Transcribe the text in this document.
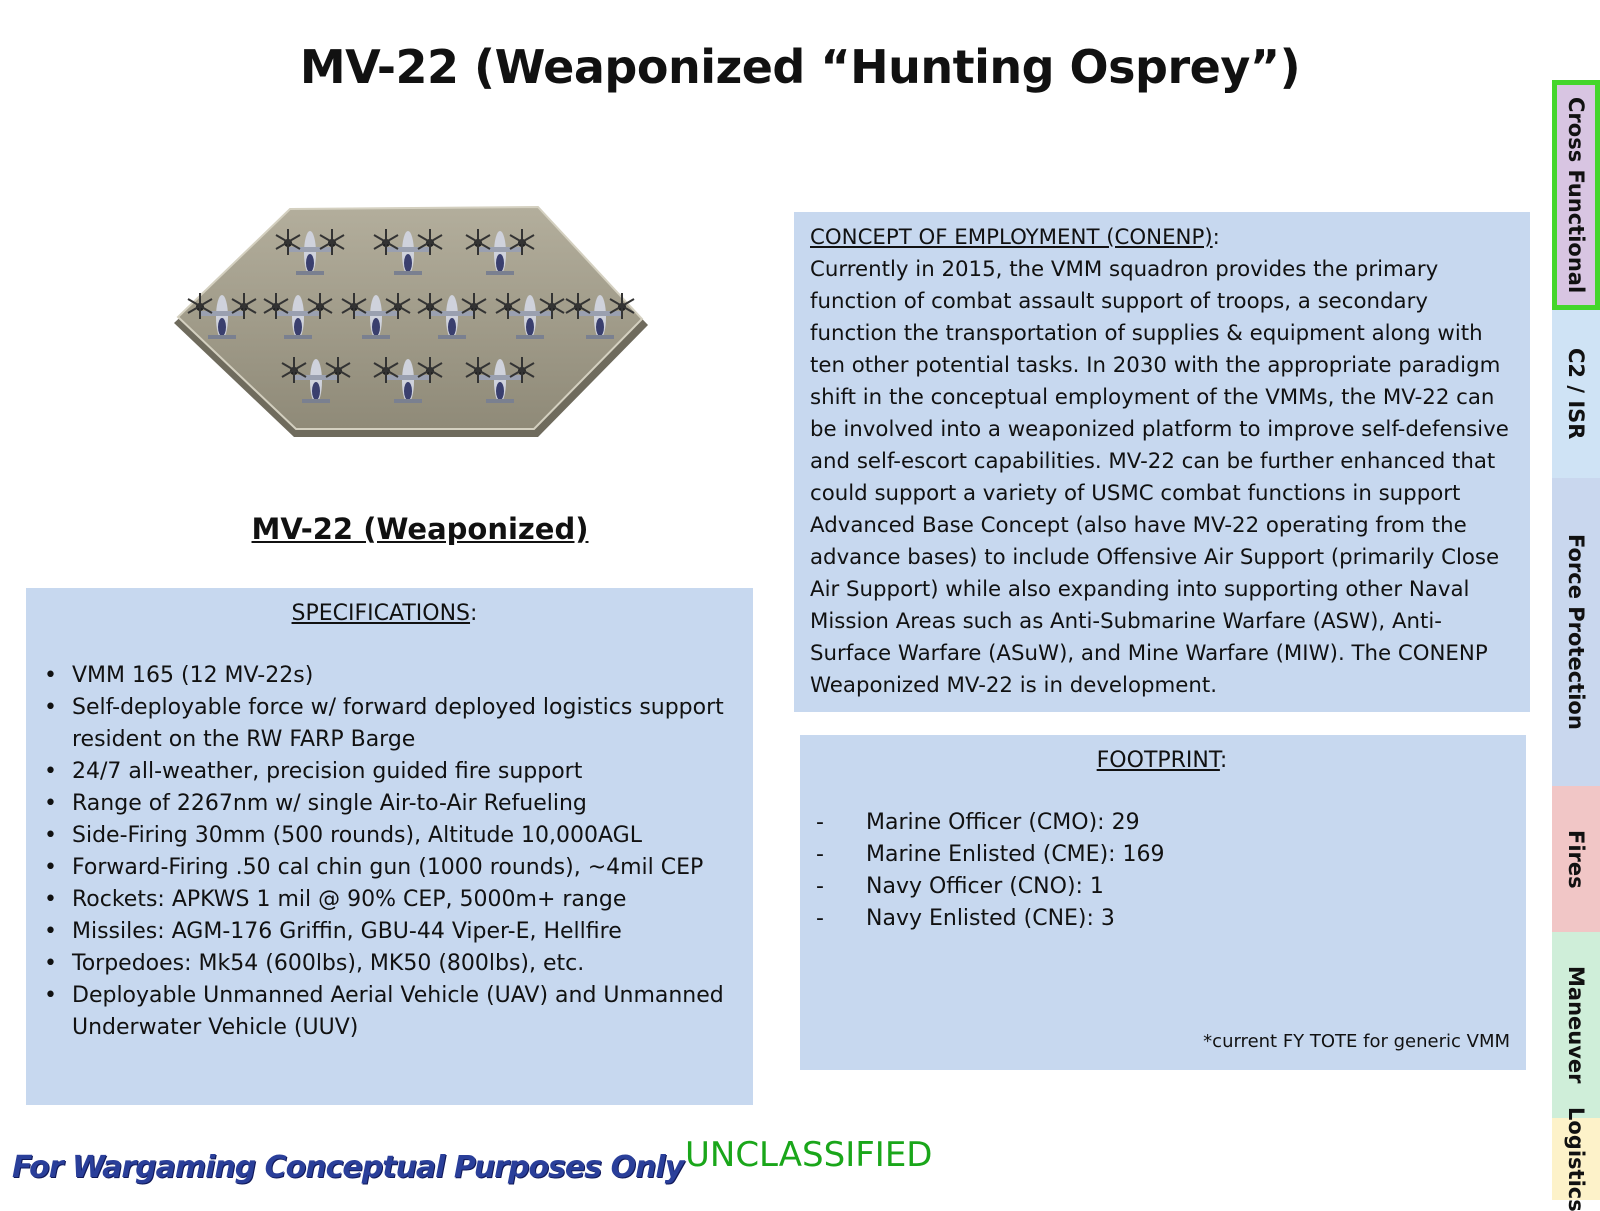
MV-22 (Weaponized “Hunting Osprey”)
MV-22 (Weaponized)
SPECIFICATIONS:
• VMM 165 (12 MV-22s)
• Self-deployable force w/ forward deployed logistics support resident on the RW FARP Barge
• 24/7 all-weather, precision guided fire support
• Range of 2267nm w/ single Air-to-Air Refueling
• Side-Firing 30mm (500 rounds), Altitude 10,000AGL
• Forward-Firing .50 cal chin gun (1000 rounds), ~4mil CEP
• Rockets: APKWS 1 mil @ 90% CEP, 5000m+ range
• Missiles: AGM-176 Griffin, GBU-44 Viper-E, Hellfire
• Torpedoes: Mk54 (600lbs), MK50 (800lbs), etc.
• Deployable Unmanned Aerial Vehicle (UAV) and Unmanned Underwater Vehicle (UUV)
CONCEPT OF EMPLOYMENT (CONENP):
Currently in 2015, the VMM squadron provides the primary function of combat assault support of troops, a secondary function the transportation of supplies & equipment along with ten other potential tasks. In 2030 with the appropriate paradigm shift in the conceptual employment of the VMMs, the MV-22 can be involved into a weaponized platform to improve self-defensive and self-escort capabilities. MV-22 can be further enhanced that could support a variety of USMC combat functions in support Advanced Base Concept (also have MV-22 operating from the advance bases) to include Offensive Air Support (primarily Close Air Support) while also expanding into supporting other Naval Mission Areas such as Anti-Submarine Warfare (ASW), Anti-Surface Warfare (ASuW), and Mine Warfare (MIW). The CONENP Weaponized MV-22 is in development.
FOOTPRINT:
-	Marine Officer (CMO): 29
-	Marine Enlisted (CME): 169
-	Navy Officer (CNO): 1
-	Navy Enlisted (CNE): 3
*current FY TOTE for generic VMM
Cross Functional
C2 / ISR
Force Protection
Fires
Maneuver
Logistics
For Wargaming Conceptual Purposes Only UNCLASSIFIED
